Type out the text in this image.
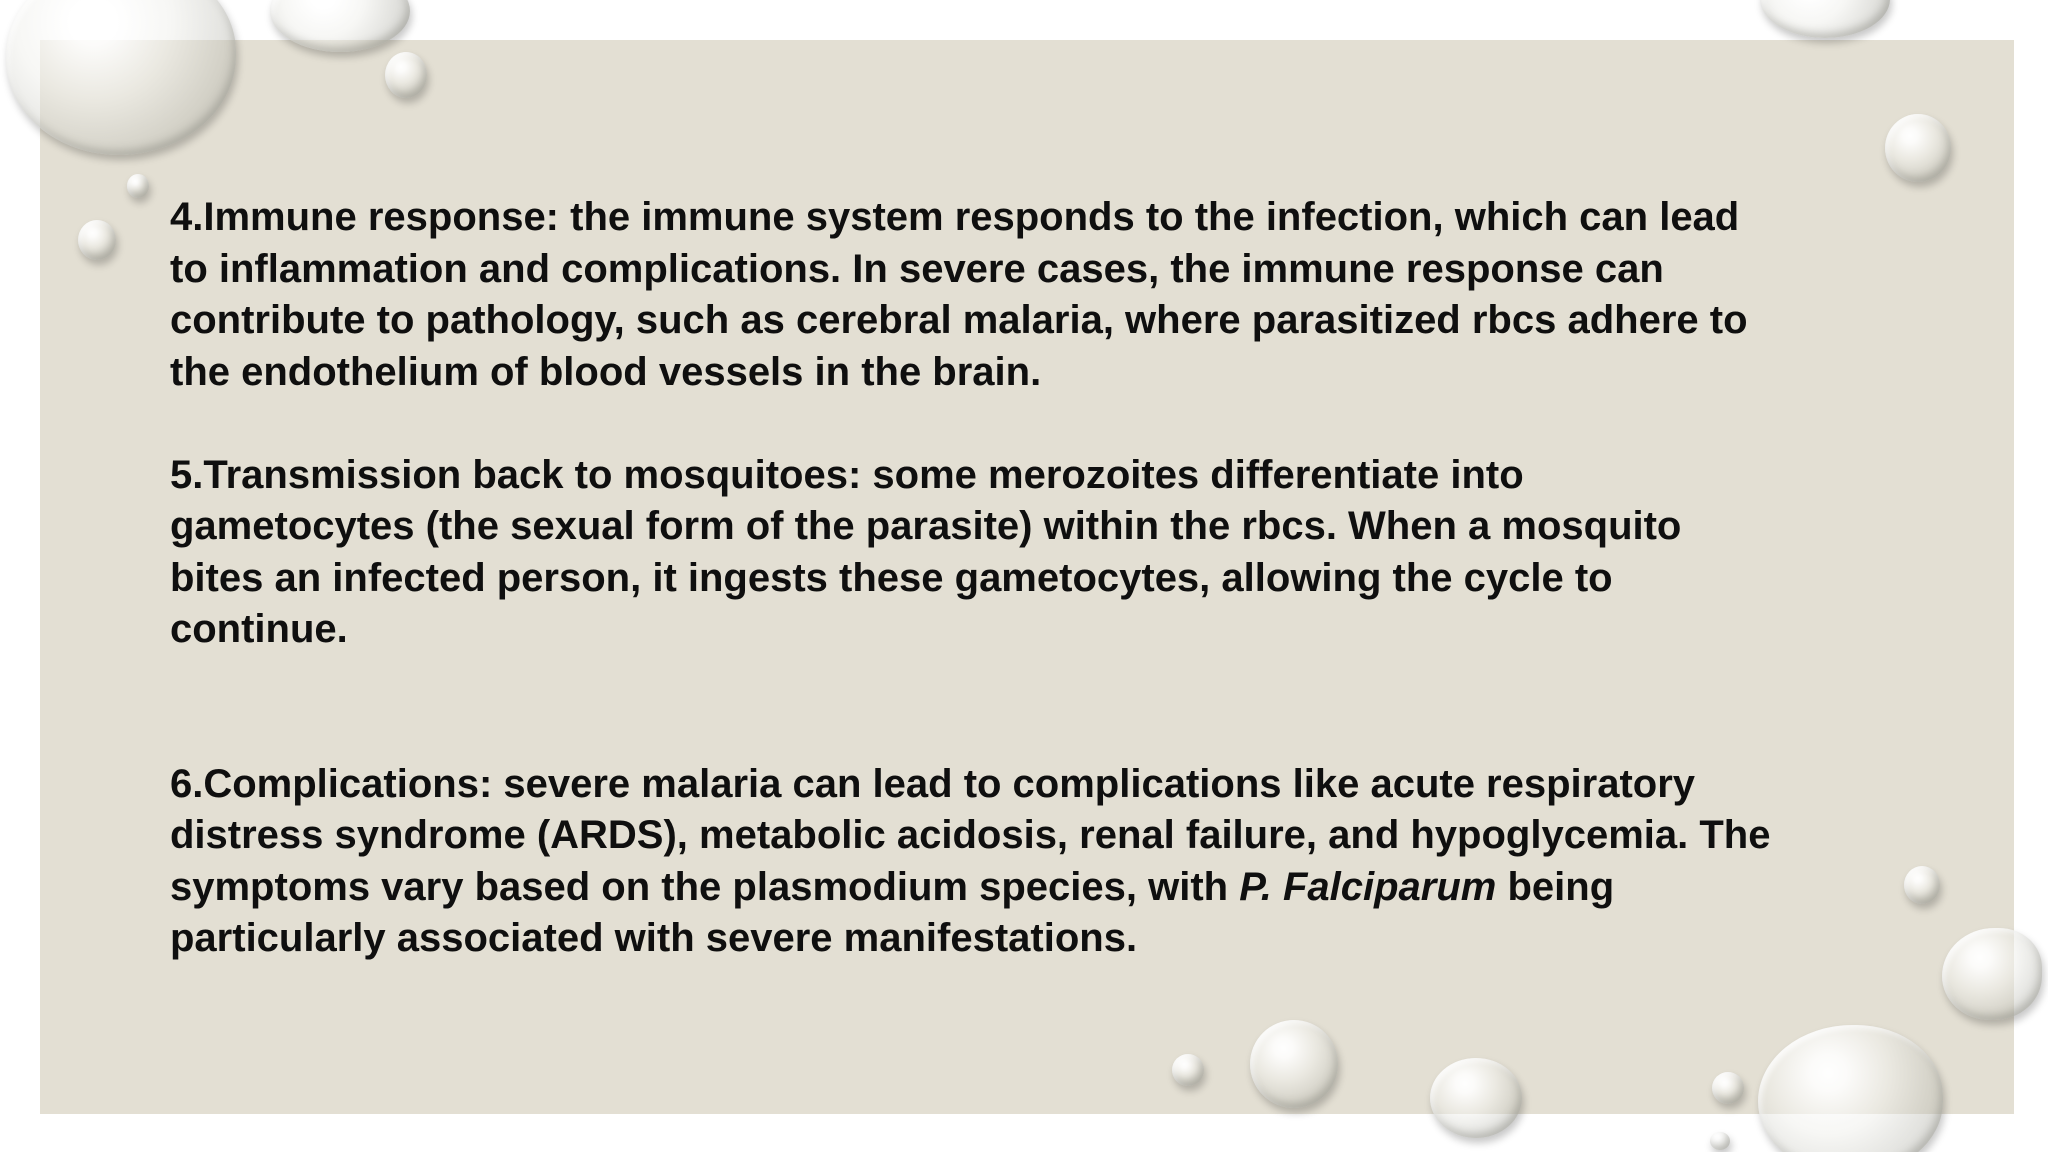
4.Immune response: the immune system responds to the infection, which can lead
to inflammation and complications. In severe cases, the immune response can
contribute to pathology, such as cerebral malaria, where parasitized rbcs adhere to
the endothelium of blood vessels in the brain.
5.Transmission back to mosquitoes: some merozoites differentiate into
gametocytes (the sexual form of the parasite) within the rbcs. When a mosquito
bites an infected person, it ingests these gametocytes, allowing the cycle to
continue.
6.Complications: severe malaria can lead to complications like acute respiratory
distress syndrome (ARDS), metabolic acidosis, renal failure, and hypoglycemia. The
symptoms vary based on the plasmodium species, with P. Falciparum being
particularly associated with severe manifestations.
